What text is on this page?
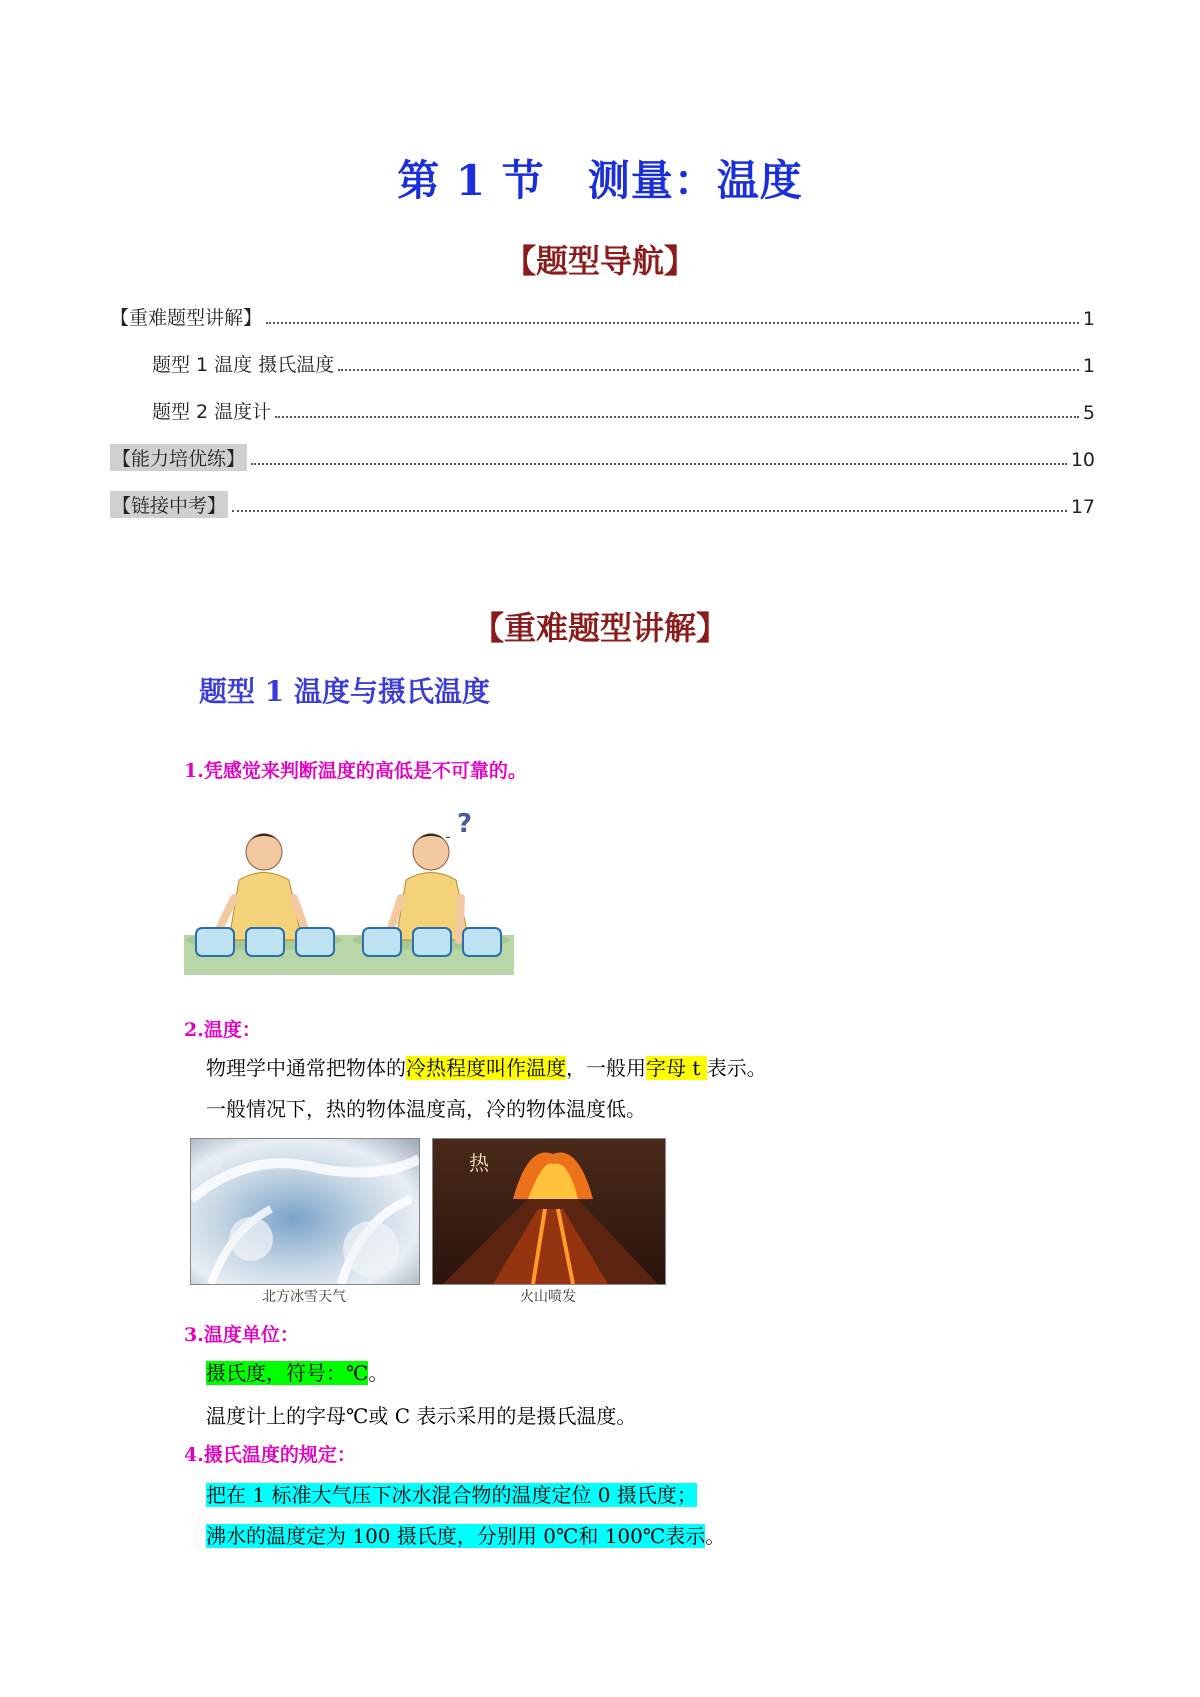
第 1 节　测量：温度
【题型导航】
【重难题型讲解】	1
题型 1 温度 摄氏温度	1
题型 2 温度计	5
【能力培优练】	10
【链接中考】	17
【重难题型讲解】
题型 1 温度与摄氏温度
1.凭感觉来判断温度的高低是不可靠的。
?
-
2.温度：
物理学中通常把物体的冷热程度叫作温度，一般用字母 t 表示。
一般情况下，热的物体温度高，冷的物体温度低。
冷
北方冰雪天气
热
火山喷发
3.温度单位：
摄氏度，符号：℃。
温度计上的字母℃或 C 表示采用的是摄氏温度。
4.摄氏温度的规定：
把在 1 标准大气压下冰水混合物的温度定位 0 摄氏度；
沸水的温度定为 100 摄氏度，分别用 0℃和 100℃表示。
